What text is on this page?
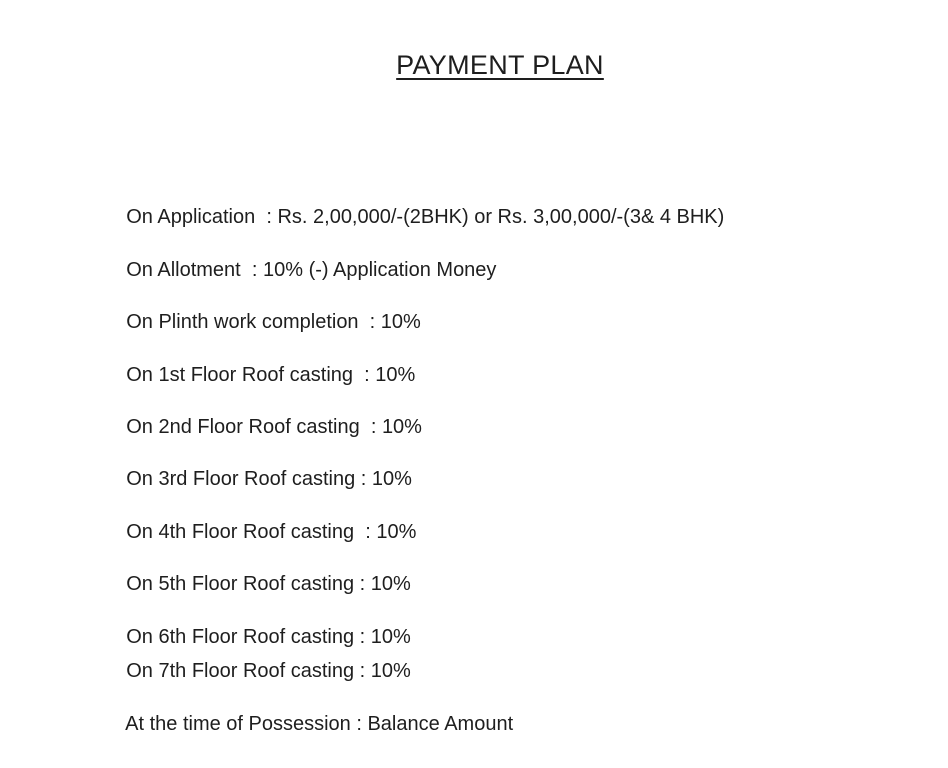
PAYMENT PLAN

On Application  : Rs. 2,00,000/-(2BHK) or Rs. 3,00,000/-(3& 4 BHK)

On Allotment  : 10% (-) Application Money

On Plinth work completion  : 10%

On 1st Floor Roof casting  : 10%

On 2nd Floor Roof casting  : 10%

On 3rd Floor Roof casting : 10%

On 4th Floor Roof casting  : 10%

On 5th Floor Roof casting : 10%

On 6th Floor Roof casting : 10%

On 7th Floor Roof casting : 10%

At the time of Possession : Balance Amount
